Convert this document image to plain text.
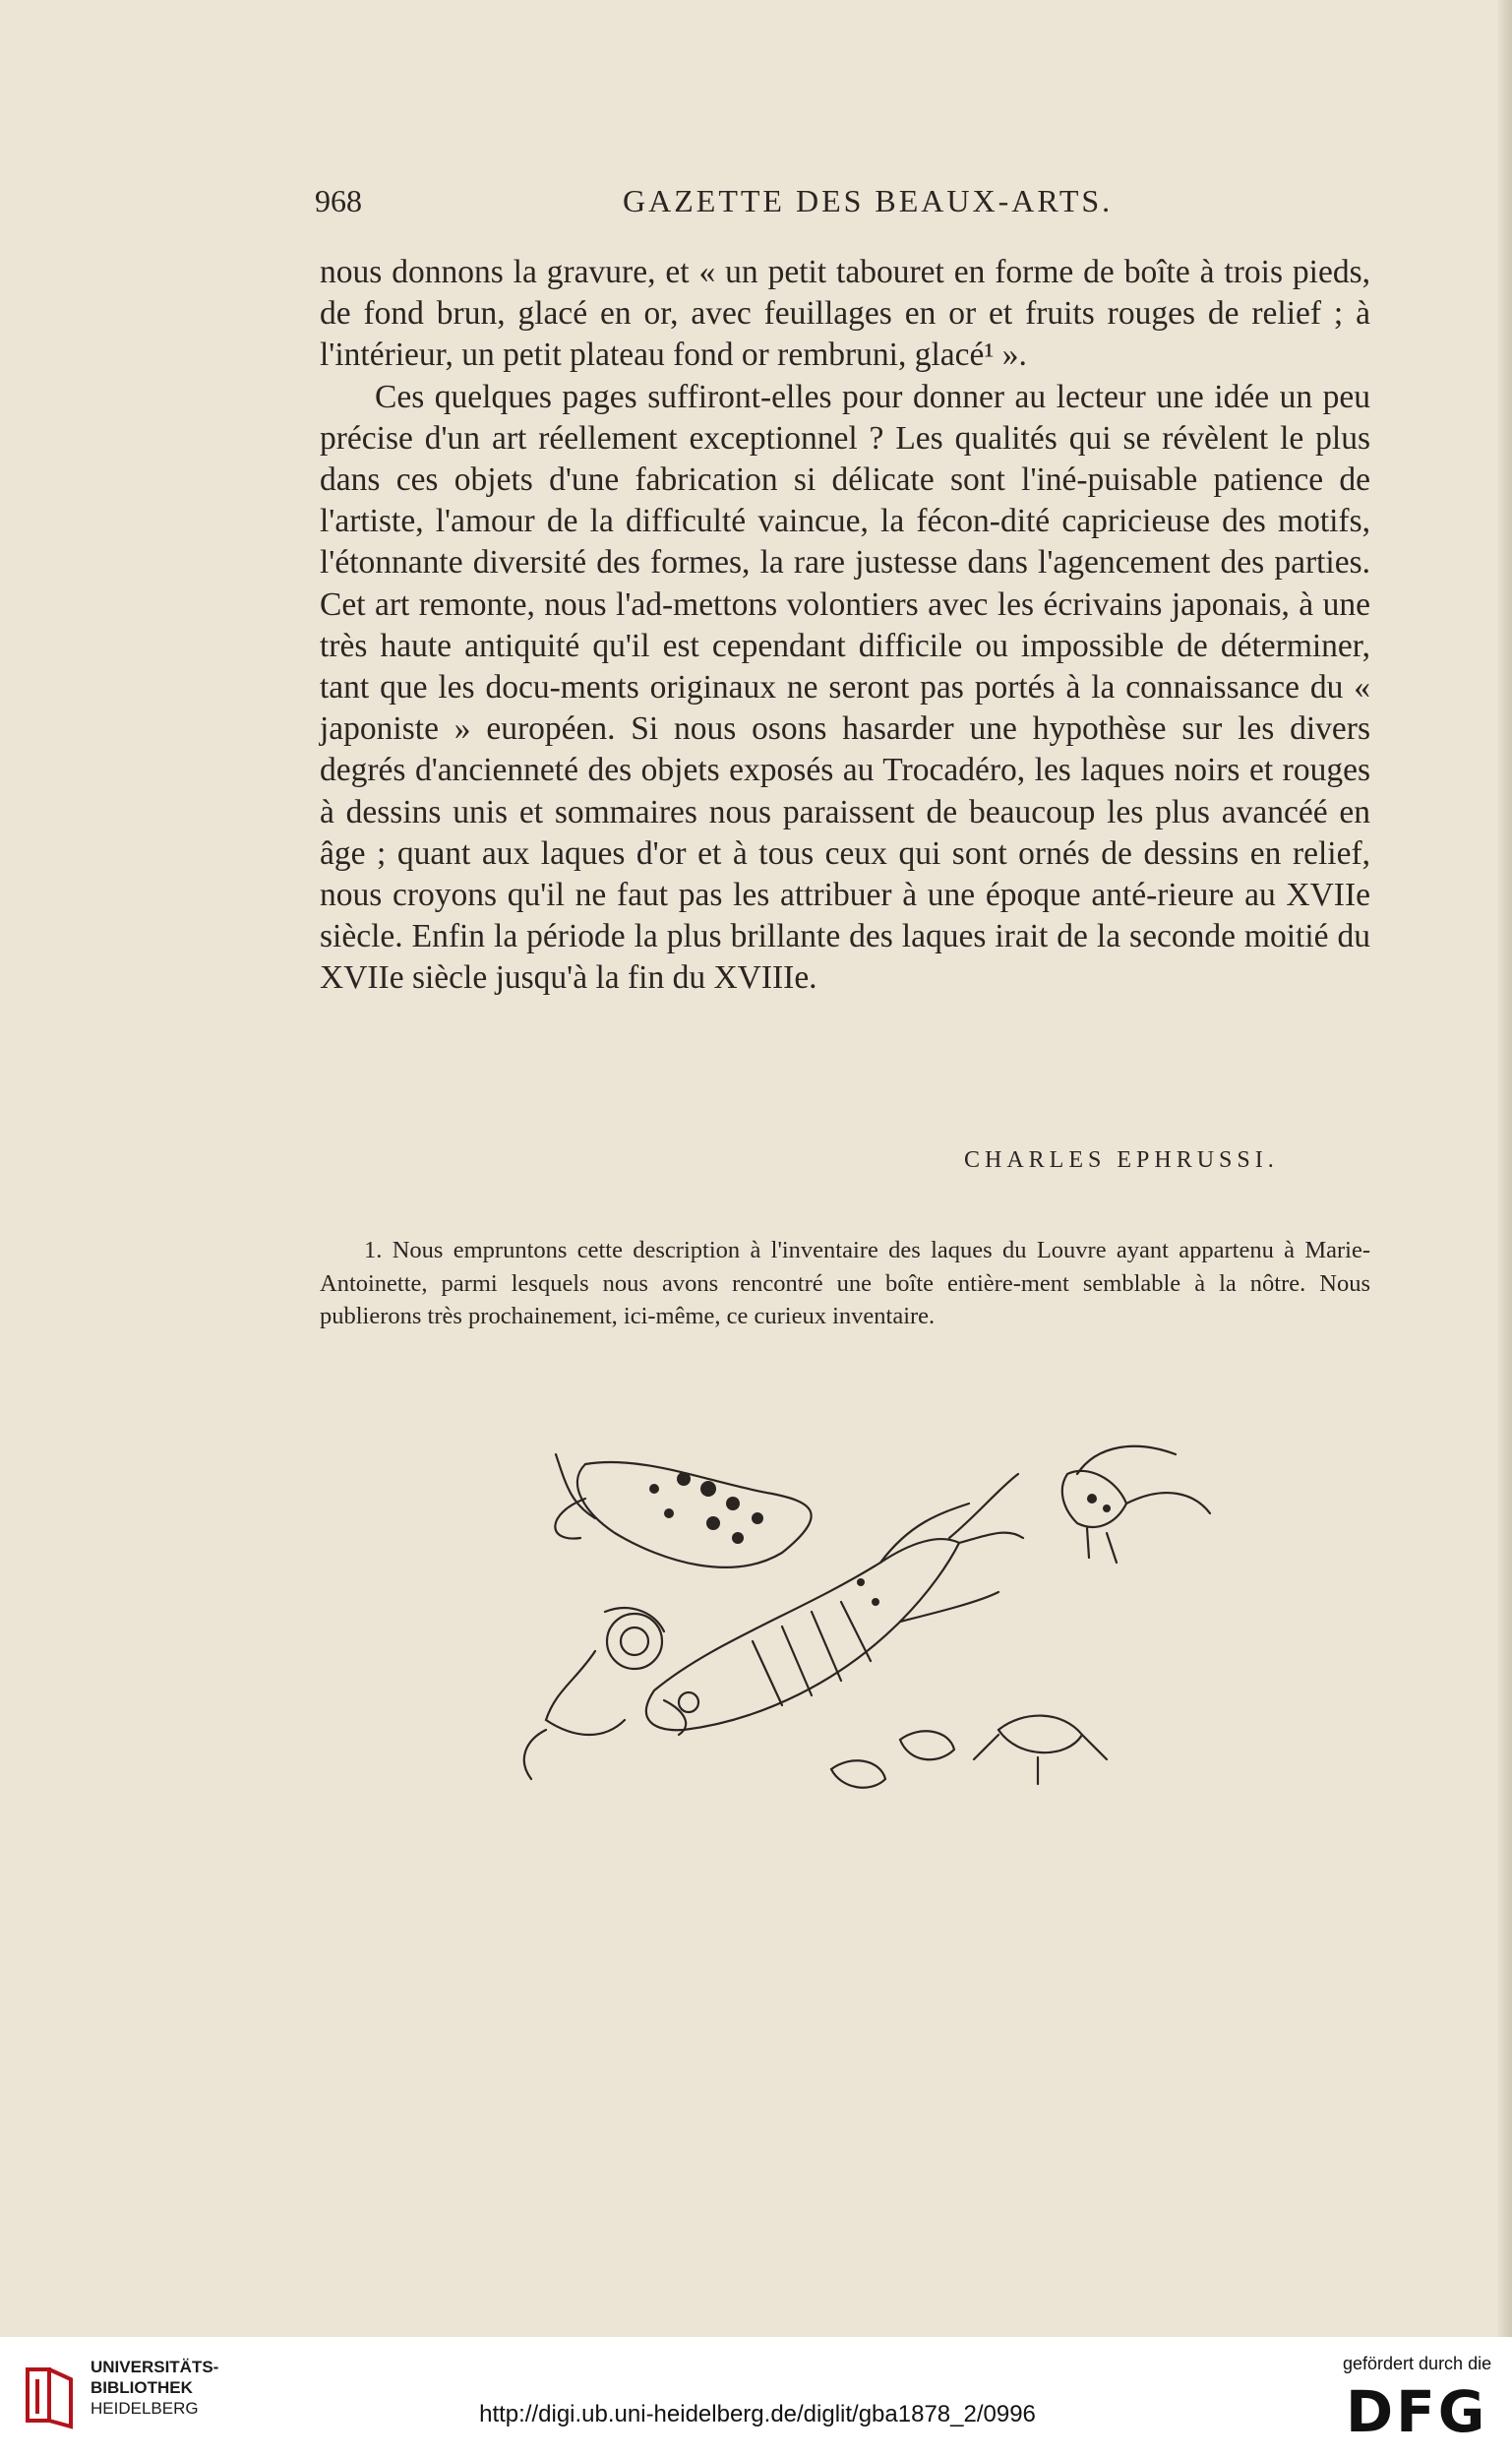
968	GAZETTE DES BEAUX-ARTS.

nous donnons la gravure, et « un petit tabouret en forme de boîte à trois pieds, de fond brun, glacé en or, avec feuillages en or et fruits rouges de relief ; à l'intérieur, un petit plateau fond or rembruni, glacé¹ ».

Ces quelques pages suffiront-elles pour donner au lecteur une idée un peu précise d'un art réellement exceptionnel ? Les qualités qui se révèlent le plus dans ces objets d'une fabrication si délicate sont l'iné-puisable patience de l'artiste, l'amour de la difficulté vaincue, la fécon-dité capricieuse des motifs, l'étonnante diversité des formes, la rare justesse dans l'agencement des parties. Cet art remonte, nous l'ad-mettons volontiers avec les écrivains japonais, à une très haute antiquité qu'il est cependant difficile ou impossible de déterminer, tant que les docu-ments originaux ne seront pas portés à la connaissance du « japoniste » européen. Si nous osons hasarder une hypothèse sur les divers degrés d'ancienneté des objets exposés au Trocadéro, les laques noirs et rouges à dessins unis et sommaires nous paraissent de beaucoup les plus avancéé en âge ; quant aux laques d'or et à tous ceux qui sont ornés de dessins en relief, nous croyons qu'il ne faut pas les attribuer à une époque anté-rieure au XVIIe siècle. Enfin la période la plus brillante des laques irait de la seconde moitié du XVIIe siècle jusqu'à la fin du XVIIIe.

CHARLES EPHRUSSI.

1. Nous empruntons cette description à l'inventaire des laques du Louvre ayant appartenu à Marie-Antoinette, parmi lesquels nous avons rencontré une boîte entière-ment semblable à la nôtre. Nous publierons très prochainement, ici-même, ce curieux inventaire.

UNIVERSITÄTS-
BIBLIOTHEK
HEIDELBERG	http://digi.ub.uni-heidelberg.de/diglit/gba1878_2/0996
gefördert durch die
DFG
